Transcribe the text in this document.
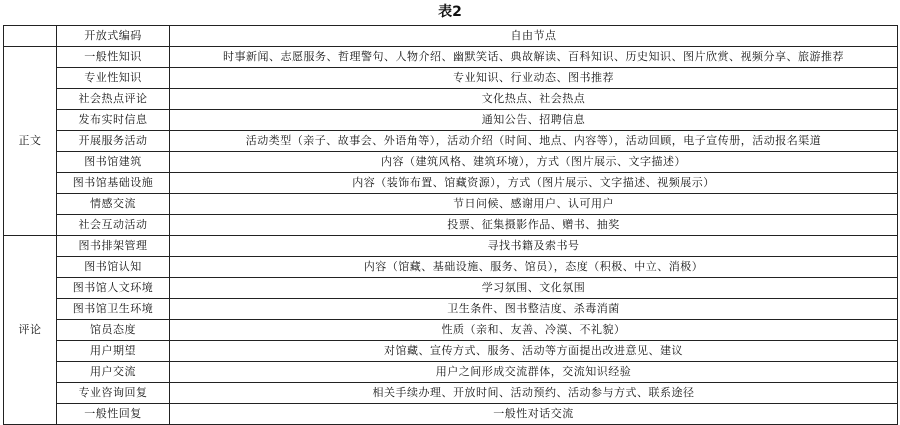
表2
	开放式编码	自由节点
正文	一般性知识	时事新闻、志愿服务、哲理警句、人物介绍、幽默笑话、典故解读、百科知识、历史知识、图片欣赏、视频分享、旅游推荐
	专业性知识	专业知识、行业动态、图书推荐
	社会热点评论	文化热点、社会热点
	发布实时信息	通知公告、招聘信息
	开展服务活动	活动类型（亲子、故事会、外语角等），活动介绍（时间、地点、内容等），活动回顾，电子宣传册，活动报名渠道
	图书馆建筑	内容（建筑风格、建筑环境），方式（图片展示、文字描述）
	图书馆基础设施	内容（装饰布置、馆藏资源），方式（图片展示、文字描述、视频展示）
	情感交流	节日问候、感谢用户、认可用户
	社会互动活动	投票、征集摄影作品、赠书、抽奖
评论	图书排架管理	寻找书籍及索书号
	图书馆认知	内容（馆藏、基础设施、服务、馆员），态度（积极、中立、消极）
	图书馆人文环境	学习氛围、文化氛围
	图书馆卫生环境	卫生条件、图书整洁度、杀毒消菌
	馆员态度	性质（亲和、友善、冷漠、不礼貌）
	用户期望	对馆藏、宣传方式、服务、活动等方面提出改进意见、建议
	用户交流	用户之间形成交流群体，交流知识经验
	专业咨询回复	相关手续办理、开放时间、活动预约、活动参与方式、联系途径
	一般性回复	一般性对话交流
